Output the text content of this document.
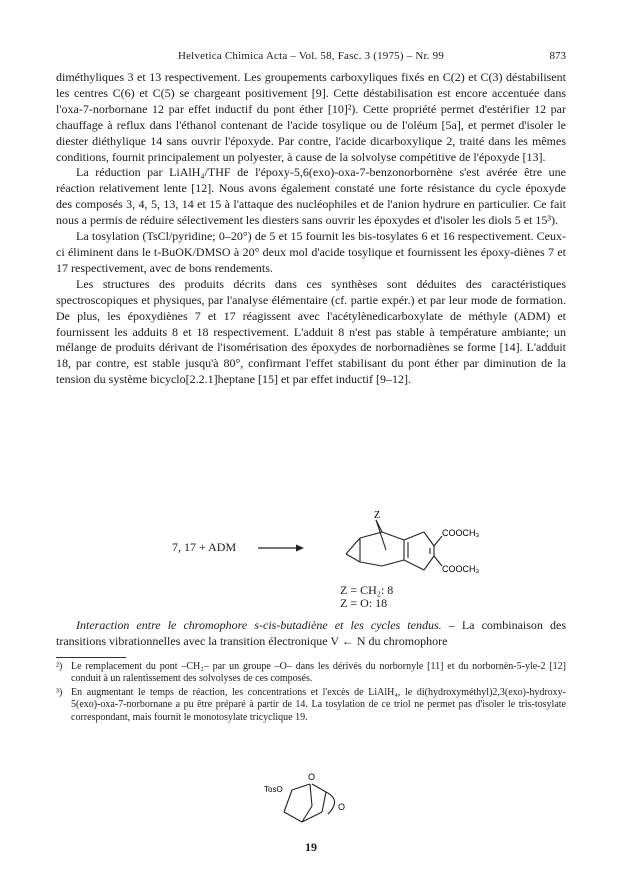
Helvetica Chimica Acta – Vol. 58, Fasc. 3 (1975) – Nr. 99	873

diméthyliques 3 et 13 respectivement. Les groupements carboxyliques fixés en C(2) et C(3) déstabilisent les centres C(6) et C(5) se chargeant positivement [9]. Cette déstabilisation est encore accentuée dans l'oxa-7-norbornane 12 par effet inductif du pont éther [10]²). Cette propriété permet d'estérifier 12 par chauffage à reflux dans l'éthanol contenant de l'acide tosylique ou de l'oléum [5a], et permet d'isoler le diester diéthylique 14 sans ouvrir l'époxyde. Par contre, l'acide dicarboxylique 2, traité dans les mêmes conditions, fournit principalement un polyester, à cause de la solvolyse compétitive de l'époxyde [13].

La réduction par LiAlH₄/THF de l'époxy-5,6(exo)-oxa-7-benzonorbornène s'est avérée être une réaction relativement lente [12]. Nous avons également constaté une forte résistance du cycle époxyde des composés 3, 4, 5, 13, 14 et 15 à l'attaque des nucléophiles et de l'anion hydrure en particulier. Ce fait nous a permis de réduire sélectivement les diesters sans ouvrir les époxydes et d'isoler les diols 5 et 15³).

La tosylation (TsCl/pyridine; 0–20°) de 5 et 15 fournit les bis-tosylates 6 et 16 respectivement. Ceux-ci éliminent dans le t-BuOK/DMSO à 20° deux mol d'acide tosylique et fournissent les époxy-diènes 7 et 17 respectivement, avec de bons rendements.

Les structures des produits décrits dans ces synthèses sont déduites des caractéristiques spectroscopiques et physiques, par l'analyse élémentaire (cf. partie expér.) et par leur mode de formation. De plus, les époxydiènes 7 et 17 réagissent avec l'acétylènedicarboxylate de méthyle (ADM) et fournissent les adduits 8 et 18 respectivement. L'adduit 8 n'est pas stable à température ambiante; un mélange de produits dérivant de l'isomérisation des époxydes de norbornadiènes se forme [14]. L'adduit 18, par contre, est stable jusqu'à 80°, confirmant l'effet stabilisant du pont éther par diminution de la tension du système bicyclo[2.2.1]heptane [15] et par effet inductif [9–12].

7, 17 + ADM →
Z
COOCH₃
COOCH₃
Z = CH₂: 8
Z = O: 18

Interaction entre le chromophore s-cis-butadiène et les cycles tendus. – La combinaison des transitions vibrationnelles avec la transition électronique V ← N du chromophore

²) Le remplacement du pont –CH₂– par un groupe –O– dans les dérivés du norbornyle [11] et du norbornèn-5-yle-2 [12] conduit à un ralentissement des solvolyses de ces composés.
³) En augmentant le temps de réaction, les concentrations et l'excès de LiAlH₄, le di(hydroxyméthyl)2,3(exo)-hydroxy-5(exo)-oxa-7-norbornane a pu être préparé à partir de 14. La tosylation de ce triol ne permet pas d'isoler le tris-tosylate correspondant, mais fournit le monotosylate tricyclique 19.
TosO
O
O
19
